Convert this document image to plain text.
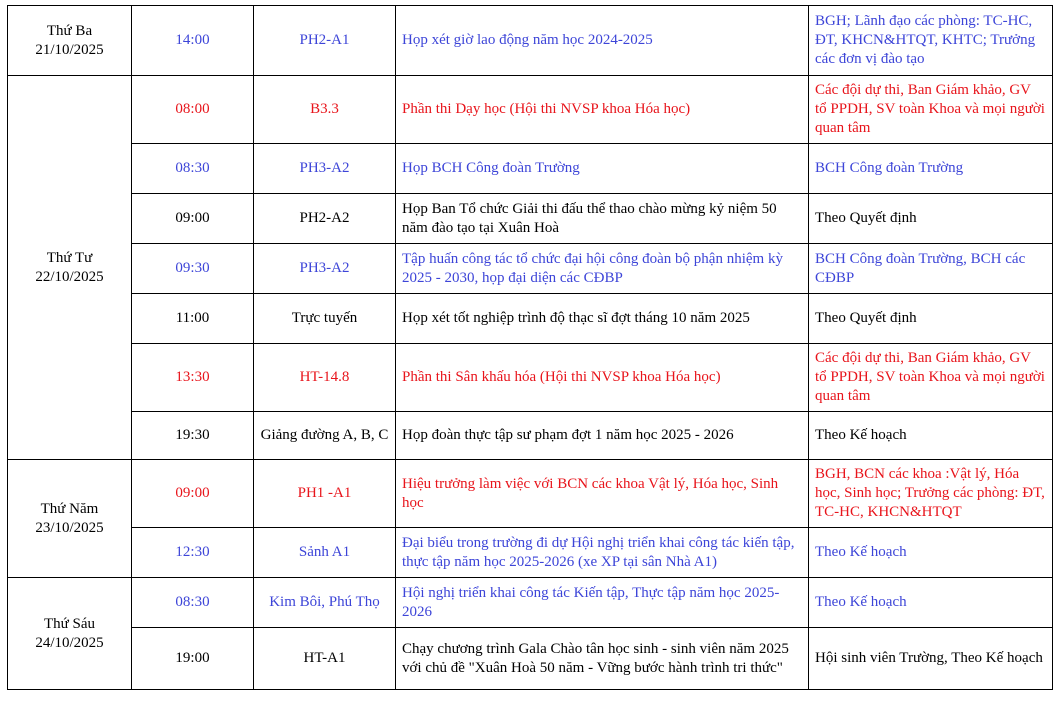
Thứ Ba
21/10/2025	14:00	PH2-A1	Họp xét giờ lao động năm học 2024-2025	BGH; Lãnh đạo các phòng: TC-HC, ĐT, KHCN&HTQT, KHTC; Trưởng các đơn vị đào tạo

Thứ Tư
22/10/2025	08:00	B3.3	Phần thi Dạy học (Hội thi NVSP khoa Hóa học)	Các đội dự thi, Ban Giám khảo, GV tổ PPDH, SV toàn Khoa và mọi người quan tâm
	08:30	PH3-A2	Họp BCH Công đoàn Trường	BCH Công đoàn Trường
	09:00	PH2-A2	Họp Ban Tổ chức Giải thi đấu thể thao chào mừng kỷ niệm 50 năm đào tạo tại Xuân Hoà	Theo Quyết định
	09:30	PH3-A2	Tập huấn công tác tổ chức đại hội công đoàn bộ phận nhiệm kỳ 2025 - 2030, họp đại diện các CĐBP	BCH Công đoàn Trường, BCH các CĐBP
	11:00	Trực tuyến	Họp xét tốt nghiệp trình độ thạc sĩ đợt tháng 10 năm 2025	Theo Quyết định
	13:30	HT-14.8	Phần thi Sân khấu hóa (Hội thi NVSP khoa Hóa học)	Các đội dự thi, Ban Giám khảo, GV tổ PPDH, SV toàn Khoa và mọi người quan tâm
	19:30	Giảng đường A, B, C	Họp đoàn thực tập sư phạm đợt 1 năm học 2025 - 2026	Theo Kế hoạch

Thứ Năm
23/10/2025	09:00	PH1 -A1	Hiệu trưởng làm việc với BCN các khoa Vật lý, Hóa học, Sinh học	BGH, BCN các khoa :Vật lý, Hóa học, Sinh học; Trưởng các phòng: ĐT, TC-HC, KHCN&HTQT
	12:30	Sảnh A1	Đại biểu trong trường đi dự Hội nghị triển khai công tác kiến tập, thực tập năm học 2025-2026 (xe XP tại sân Nhà A1)	Theo Kế hoạch

Thứ Sáu
24/10/2025	08:30	Kim Bôi, Phú Thọ	Hội nghị triển khai công tác Kiến tập, Thực tập năm học 2025-2026	Theo Kế hoạch
	19:00	HT-A1	Chạy chương trình Gala Chào tân học sinh - sinh viên năm 2025 với chủ đề "Xuân Hoà 50 năm - Vững bước hành trình tri thức"	Hội sinh viên Trường, Theo Kế hoạch
